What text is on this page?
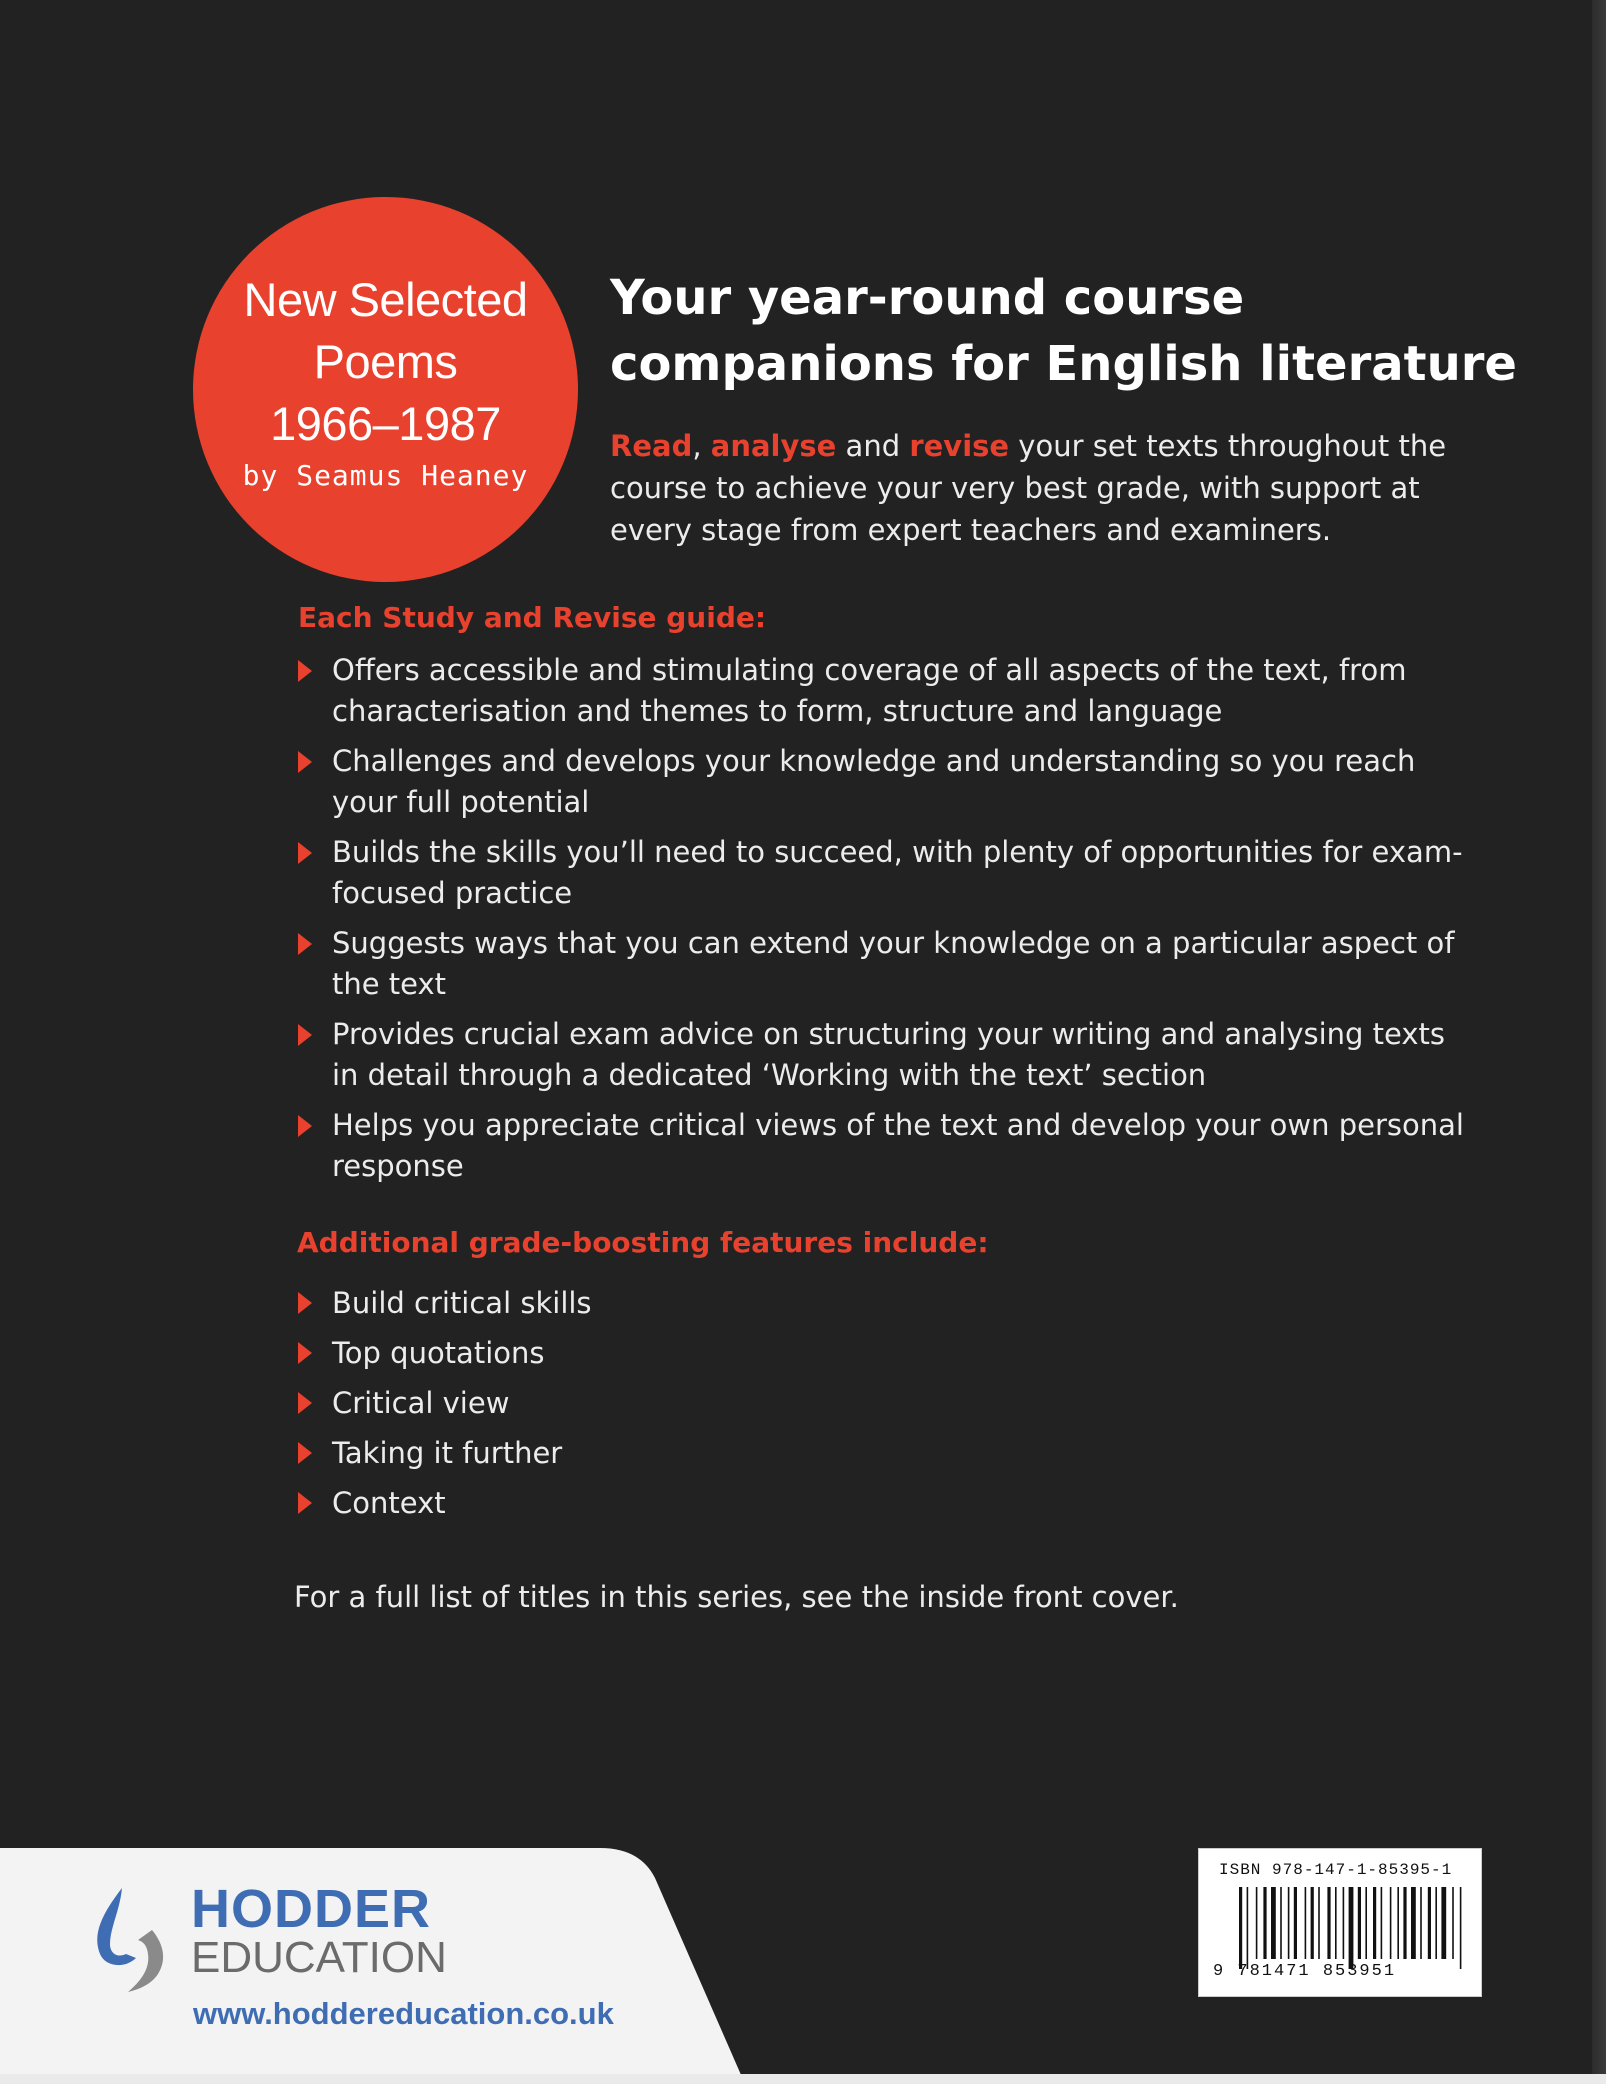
New Selected
Poems
1966–1987
by Seamus Heaney
Your year-round course
companions for English literature
Read, analyse and revise your set texts throughout the course to achieve your very best grade, with support at every stage from expert teachers and examiners.
Each Study and Revise guide:
Offers accessible and stimulating coverage of all aspects of the text, from characterisation and themes to form, structure and language
Challenges and develops your knowledge and understanding so you reach your full potential
Builds the skills you’ll need to succeed, with plenty of opportunities for exam-focused practice
Suggests ways that you can extend your knowledge on a particular aspect of the text
Provides crucial exam advice on structuring your writing and analysing texts in detail through a dedicated ‘Working with the text’ section
Helps you appreciate critical views of the text and develop your own personal response
Additional grade-boosting features include:
Build critical skills
Top quotations
Critical view
Taking it further
Context
For a full list of titles in this series, see the inside front cover.
HODDER
EDUCATION
www.hoddereducation.co.uk
ISBN 978-147-1-85395-1
9 781471 853951
